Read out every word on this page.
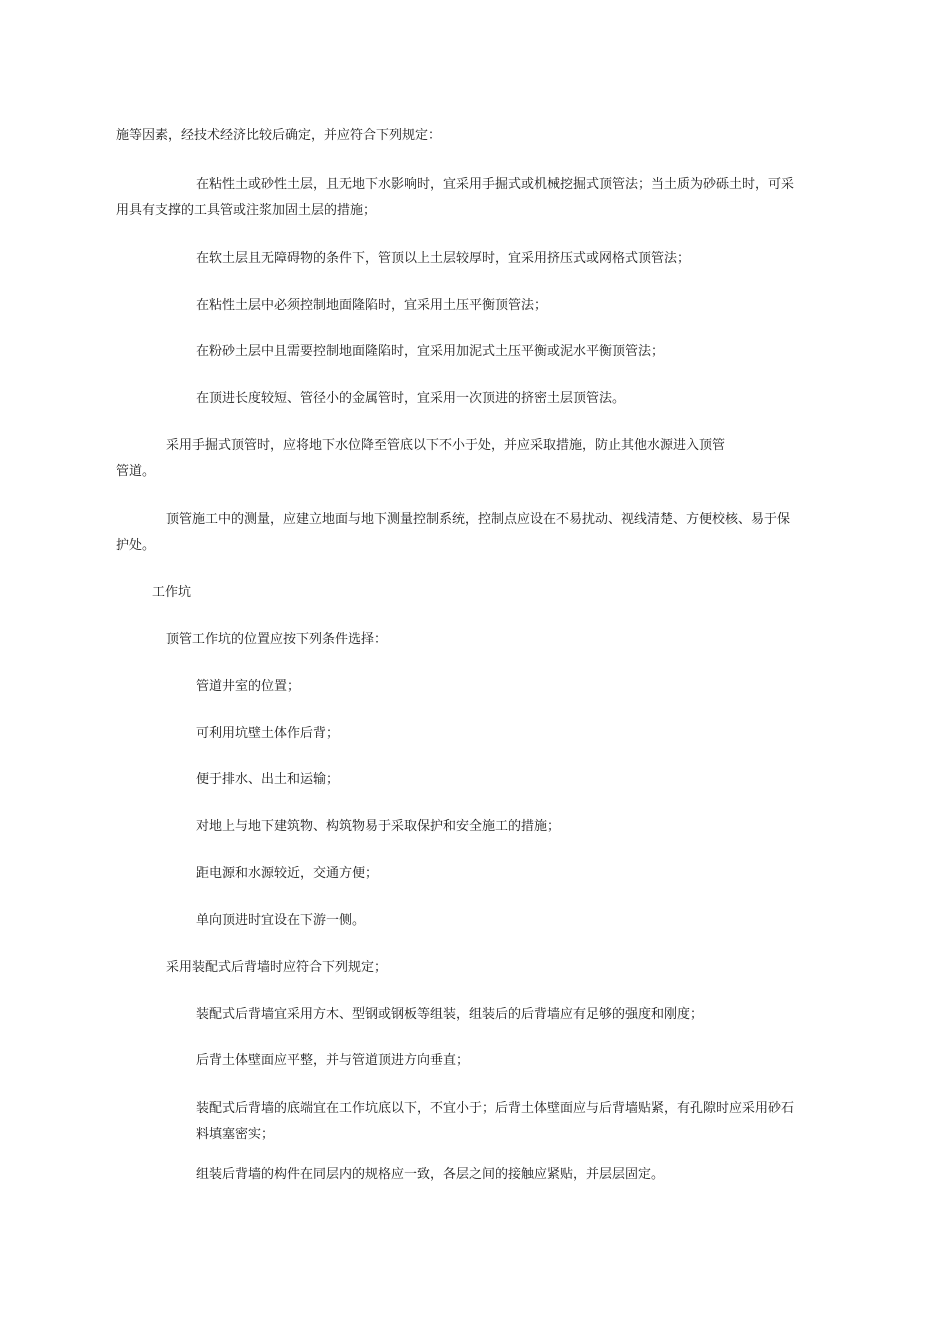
施等因素，经技术经济比较后确定，并应符合下列规定：

在粘性土或砂性土层，且无地下水影响时，宜采用手掘式或机械挖掘式顶管法；当土质为砂砾土时，可采

用具有支撑的工具管或注浆加固土层的措施；

在软土层且无障碍物的条件下，管顶以上土层较厚时，宜采用挤压式或网格式顶管法；

在粘性土层中必须控制地面隆陷时，宜采用土压平衡顶管法；

在粉砂土层中且需要控制地面隆陷时，宜采用加泥式土压平衡或泥水平衡顶管法；

在顶进长度较短、管径小的金属管时，宜采用一次顶进的挤密土层顶管法。

采用手掘式顶管时，应将地下水位降至管底以下不小于处，并应采取措施，防止其他水源进入顶管

管道。

顶管施工中的测量，应建立地面与地下测量控制系统，控制点应设在不易扰动、视线清楚、方便校核、易于保

护处。

工作坑

顶管工作坑的位置应按下列条件选择：

管道井室的位置；

可利用坑壁土体作后背；

便于排水、出土和运输；

对地上与地下建筑物、构筑物易于采取保护和安全施工的措施；

距电源和水源较近，交通方便；

单向顶进时宜设在下游一侧。

采用装配式后背墙时应符合下列规定；

装配式后背墙宜采用方木、型钢或钢板等组装，组装后的后背墙应有足够的强度和刚度；

后背土体壁面应平整，并与管道顶进方向垂直；

装配式后背墙的底端宜在工作坑底以下，不宜小于；后背土体壁面应与后背墙贴紧，有孔隙时应采用砂石

料填塞密实；

组装后背墙的构件在同层内的规格应一致，各层之间的接触应紧贴，并层层固定。
